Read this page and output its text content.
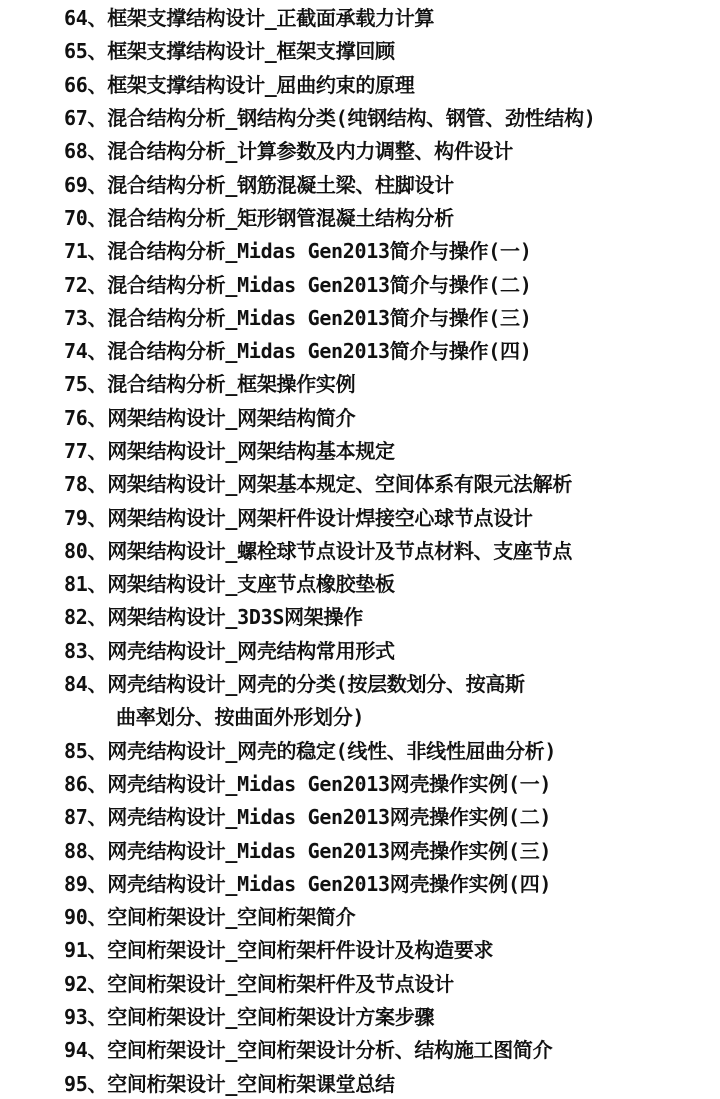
64、 框架支撑结构设计_正截面承载力计算
65、 框架支撑结构设计_框架支撑回顾
66、 框架支撑结构设计_屈曲约束的原理
67、 混合结构分析_钢结构分类(纯钢结构、钢管、劲性结构)
68、 混合结构分析_计算参数及内力调整、构件设计
69、 混合结构分析_钢筋混凝土梁、柱脚设计
70、 混合结构分析_矩形钢管混凝土结构分析
71、 混合结构分析_Midas Gen2013简介与操作(一)
72、 混合结构分析_Midas Gen2013简介与操作(二)
73、 混合结构分析_Midas Gen2013简介与操作(三)
74、 混合结构分析_Midas Gen2013简介与操作(四)
75、 混合结构分析_框架操作实例
76、 网架结构设计_网架结构简介
77、 网架结构设计_网架结构基本规定
78、 网架结构设计_网架基本规定、空间体系有限元法解析
79、 网架结构设计_网架杆件设计焊接空心球节点设计
80、 网架结构设计_螺栓球节点设计及节点材料、支座节点
81、 网架结构设计_支座节点橡胶垫板
82、 网架结构设计_3D3S网架操作
83、 网壳结构设计_网壳结构常用形式
84、 网壳结构设计_网壳的分类(按层数划分、按高斯
曲率划分、按曲面外形划分)
85、 网壳结构设计_网壳的稳定(线性、非线性屈曲分析)
86、 网壳结构设计_Midas Gen2013网壳操作实例(一)
87、 网壳结构设计_Midas Gen2013网壳操作实例(二)
88、 网壳结构设计_Midas Gen2013网壳操作实例(三)
89、 网壳结构设计_Midas Gen2013网壳操作实例(四)
90、 空间桁架设计_空间桁架简介
91、 空间桁架设计_空间桁架杆件设计及构造要求
92、 空间桁架设计_空间桁架杆件及节点设计
93、 空间桁架设计_空间桁架设计方案步骤
94、 空间桁架设计_空间桁架设计分析、结构施工图简介
95、 空间桁架设计_空间桁架课堂总结
